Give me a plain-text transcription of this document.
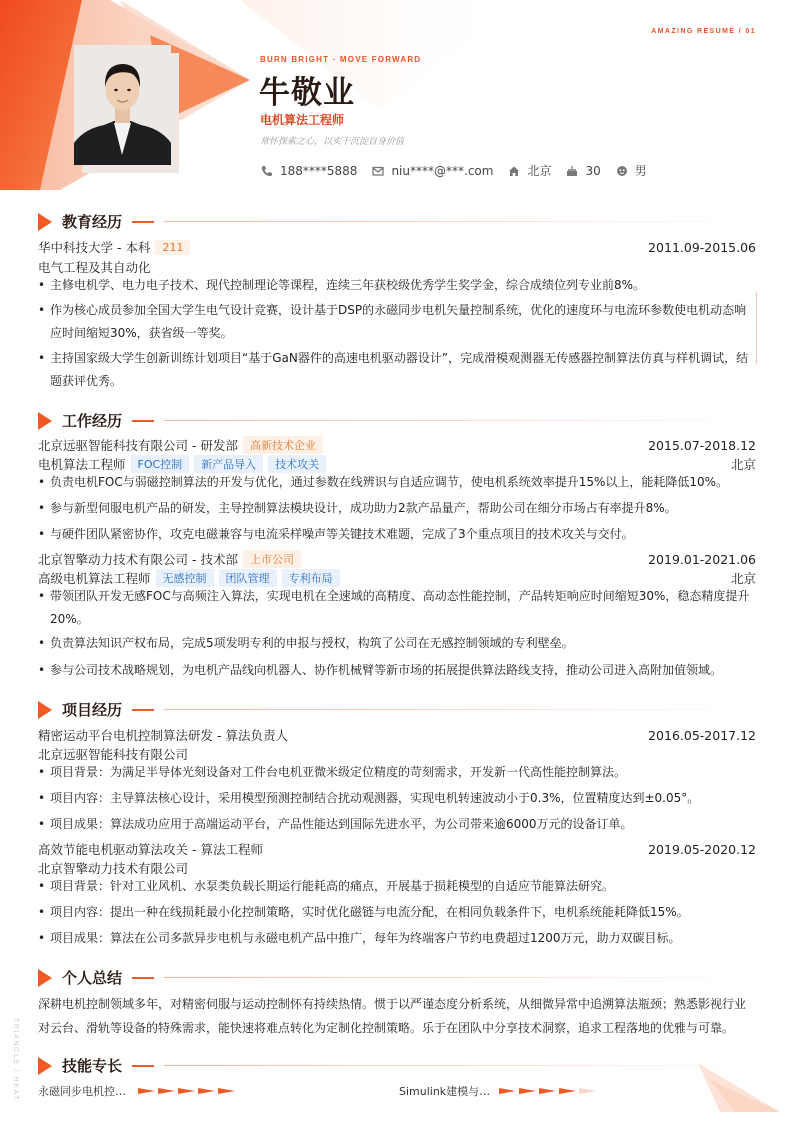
AMAZING RESUME / 01
BURN BRIGHT · MOVE FORWARD
牛敬业
电机算法工程师
常怀探索之心，以实干沉淀自身价值
188****5888	niu****@***.com	北京	30	男
教育经历
华中科技大学 - 本科	211	2011.09-2015.06
电气工程及其自动化
• 主修电机学、电力电子技术、现代控制理论等课程，连续三年获校级优秀学生奖学金，综合成绩位列专业前8%。
• 作为核心成员参加全国大学生电气设计竞赛，设计基于DSP的永磁同步电机矢量控制系统，优化的速度环与电流环参数使电机动态响应时间缩短30%，获省级一等奖。
• 主持国家级大学生创新训练计划项目“基于GaN器件的高速电机驱动器设计”，完成滑模观测器无传感器控制算法仿真与样机调试，结题获评优秀。
工作经历
北京远驱智能科技有限公司 - 研发部	高新技术企业	2015.07-2018.12
电机算法工程师	FOC控制	新产品导入	技术攻关	北京
• 负责电机FOC与弱磁控制算法的开发与优化，通过参数在线辨识与自适应调节，使电机系统效率提升15%以上，能耗降低10%。
• 参与新型伺服电机产品的研发，主导控制算法模块设计，成功助力2款产品量产，帮助公司在细分市场占有率提升8%。
• 与硬件团队紧密协作，攻克电磁兼容与电流采样噪声等关键技术难题，完成了3个重点项目的技术攻关与交付。
北京智擎动力技术有限公司 - 技术部	上市公司	2019.01-2021.06
高级电机算法工程师	无感控制	团队管理	专利布局	北京
• 带领团队开发无感FOC与高频注入算法，实现电机在全速域的高精度、高动态性能控制，产品转矩响应时间缩短30%，稳态精度提升20%。
• 负责算法知识产权布局，完成5项发明专利的申报与授权，构筑了公司在无感控制领域的专利壁垒。
• 参与公司技术战略规划，为电机产品线向机器人、协作机械臂等新市场的拓展提供算法路线支持，推动公司进入高附加值领域。
项目经历
精密运动平台电机控制算法研发 - 算法负责人	2016.05-2017.12
北京远驱智能科技有限公司
• 项目背景：为满足半导体光刻设备对工件台电机亚微米级定位精度的苛刻需求，开发新一代高性能控制算法。
• 项目内容：主导算法核心设计，采用模型预测控制结合扰动观测器，实现电机转速波动小于0.3%，位置精度达到±0.05°。
• 项目成果：算法成功应用于高端运动平台，产品性能达到国际先进水平，为公司带来逾6000万元的设备订单。
高效节能电机驱动算法攻关 - 算法工程师	2019.05-2020.12
北京智擎动力技术有限公司
• 项目背景：针对工业风机、水泵类负载长期运行能耗高的痛点，开展基于损耗模型的自适应节能算法研究。
• 项目内容：提出一种在线损耗最小化控制策略，实时优化磁链与电流分配，在相同负载条件下，电机系统能耗降低15%。
• 项目成果：算法在公司多款异步电机与永磁电机产品中推广，每年为终端客户节约电费超过1200万元，助力双碳目标。
个人总结
深耕电机控制领域多年，对精密伺服与运动控制怀有持续热情。惯于以严谨态度分析系统，从细微异常中追溯算法瓶颈；熟悉影视行业对云台、滑轨等设备的特殊需求，能快速将难点转化为定制化控制策略。乐于在团队中分享技术洞察，追求工程落地的优雅与可靠。
技能专长
永磁同步电机控…	Simulink建模与…
TRIANGLE / HEAT
